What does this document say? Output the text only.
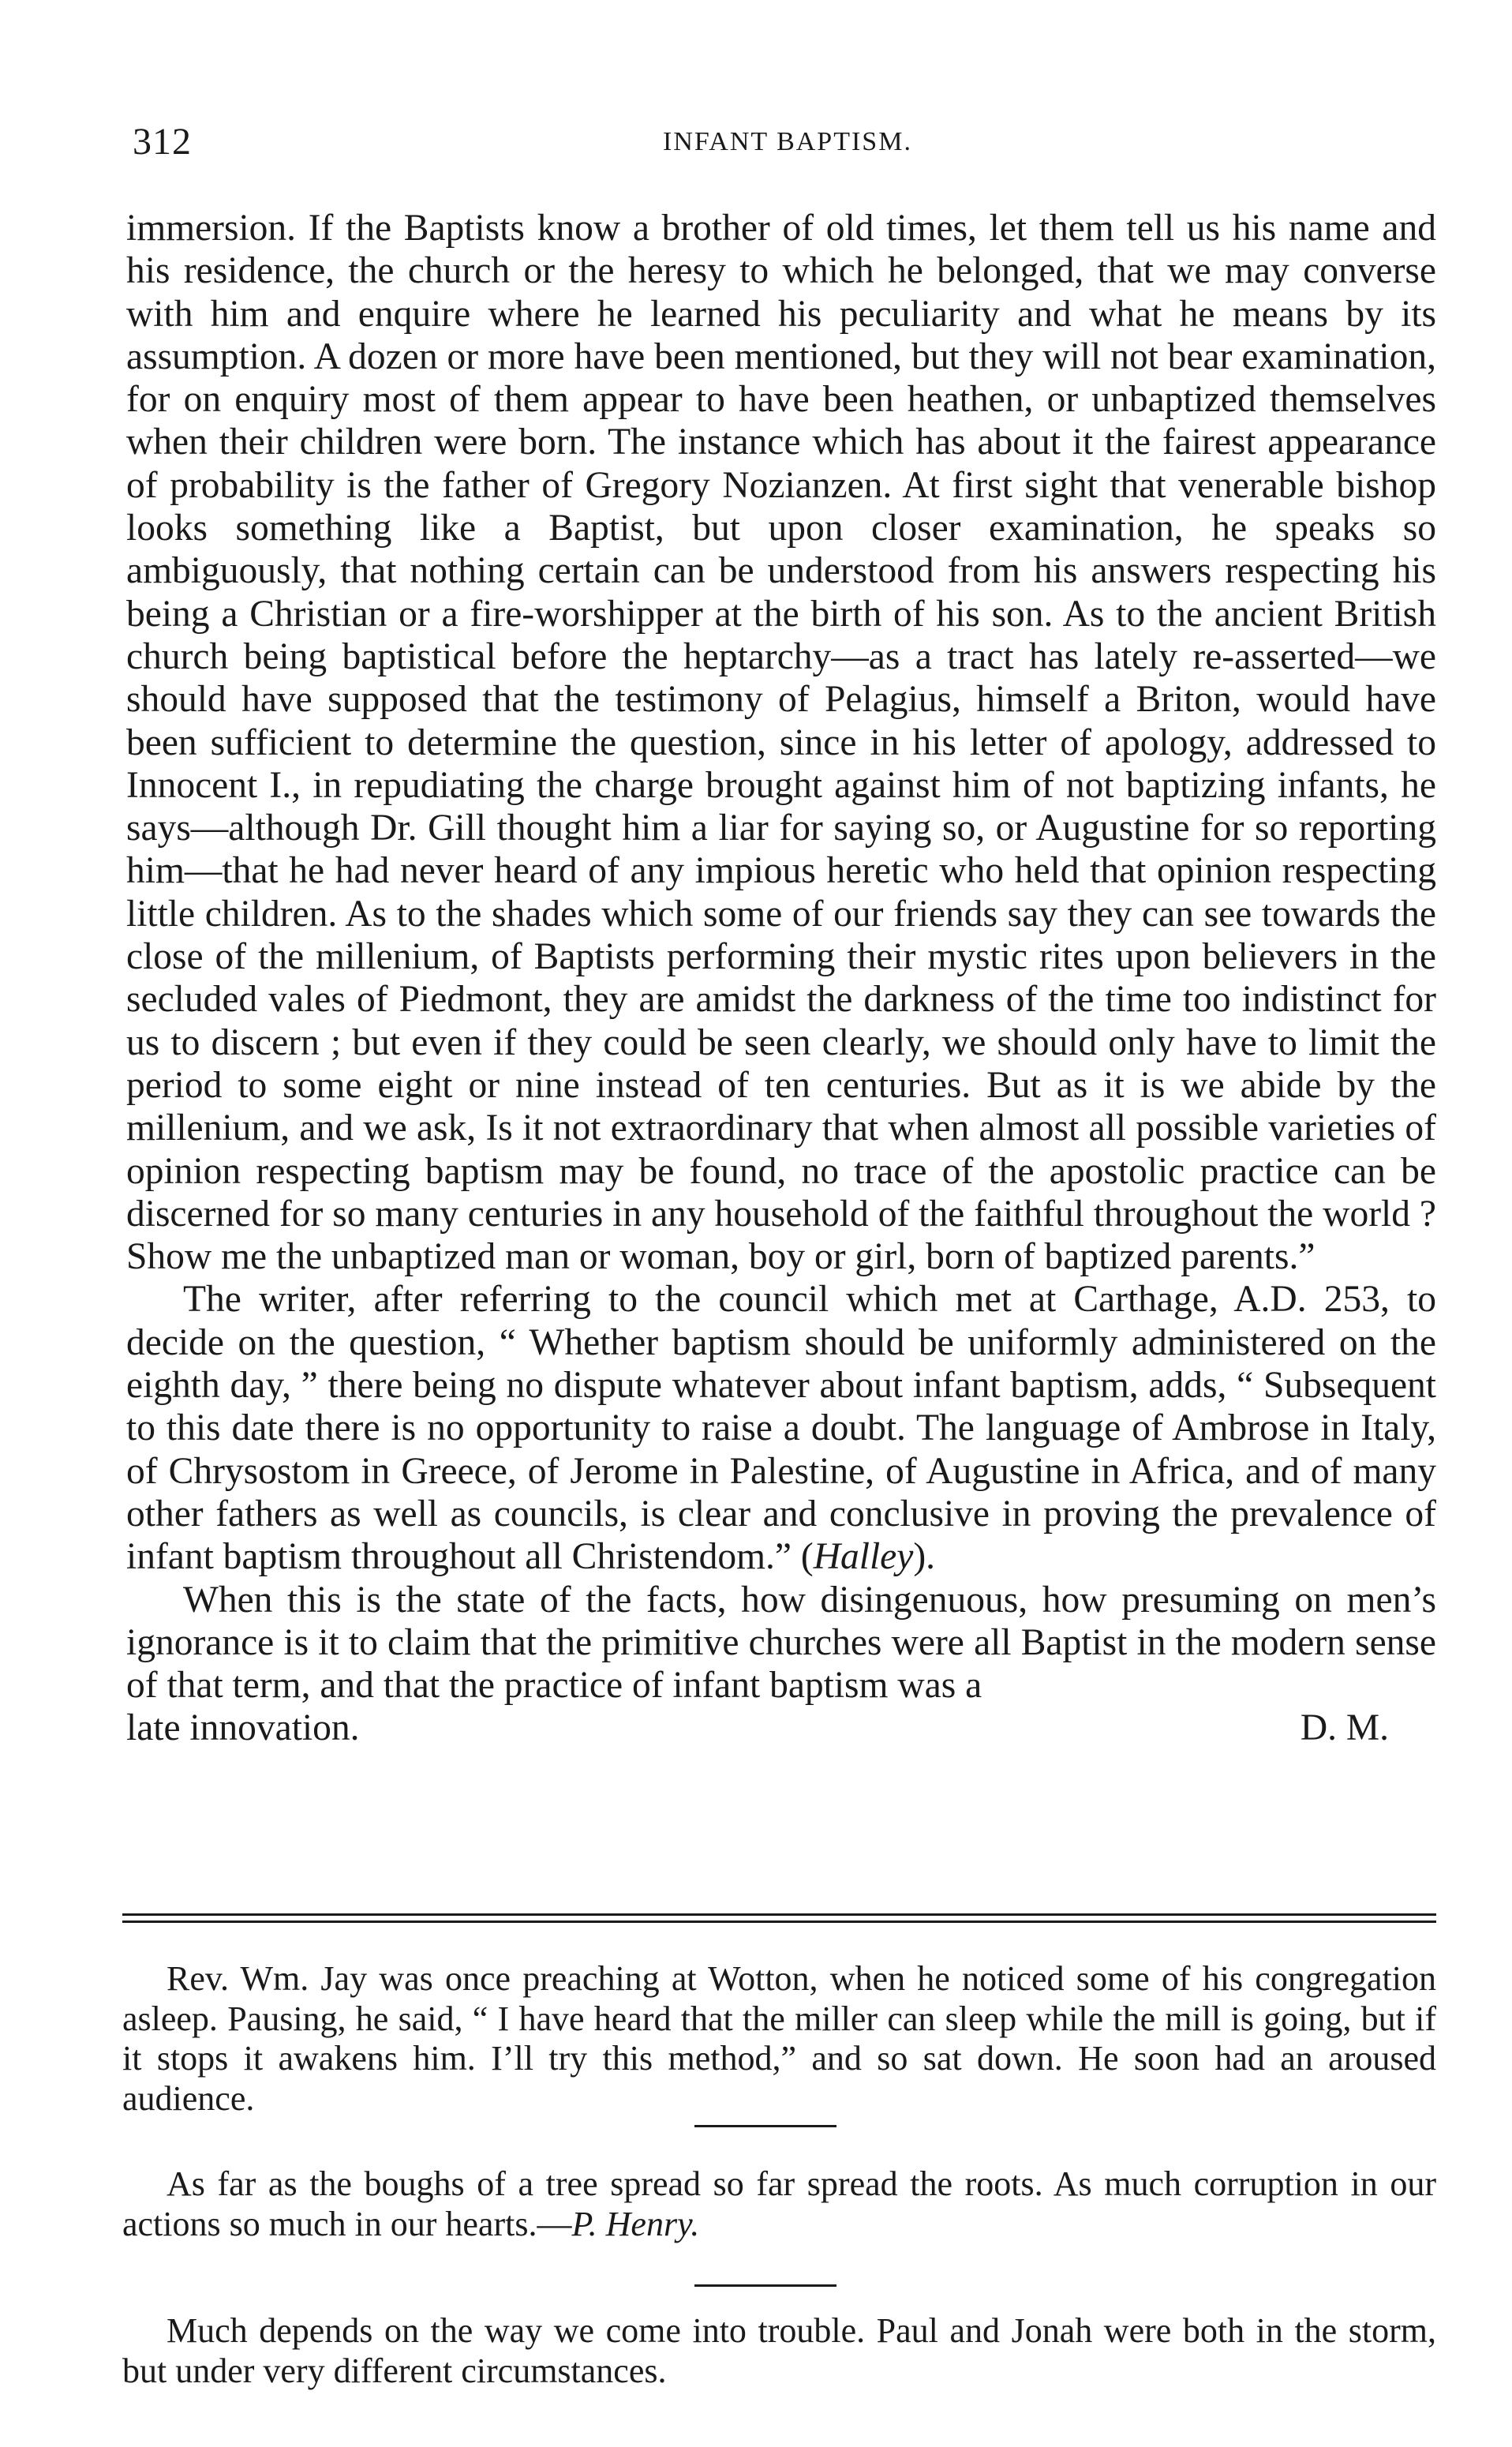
312	INFANT BAPTISM.

immersion. If the Baptists know a brother of old times, let them tell us his name and his residence, the church or the heresy to which he belonged, that we may converse with him and enquire where he learned his peculiarity and what he means by its assumption. A dozen or more have been mentioned, but they will not bear examination, for on enquiry most of them appear to have been heathen, or unbaptized themselves when their children were born. The instance which has about it the fairest appearance of probability is the father of Gregory Nozianzen. At first sight that venerable bishop looks something like a Baptist, but upon closer examination, he speaks so ambiguously, that nothing certain can be understood from his answers respecting his being a Christian or a fire-worshipper at the birth of his son. As to the ancient British church being baptistical before the heptarchy—as a tract has lately re-asserted—we should have supposed that the testimony of Pelagius, himself a Briton, would have been sufficient to determine the question, since in his letter of apology, addressed to Innocent I., in repudiating the charge brought against him of not baptizing infants, he says—although Dr. Gill thought him a liar for saying so, or Augustine for so reporting him—that he had never heard of any impious heretic who held that opinion respecting little children. As to the shades which some of our friends say they can see towards the close of the millenium, of Baptists performing their mystic rites upon believers in the secluded vales of Piedmont, they are amidst the darkness of the time too indistinct for us to discern ; but even if they could be seen clearly, we should only have to limit the period to some eight or nine instead of ten centuries. But as it is we abide by the millenium, and we ask, Is it not extraordinary that when almost all possible varieties of opinion respecting baptism may be found, no trace of the apostolic practice can be discerned for so many centuries in any household of the faithful throughout the world ? Show me the unbaptized man or woman, boy or girl, born of baptized parents.”

The writer, after referring to the council which met at Carthage, A.D. 253, to decide on the question, “ Whether baptism should be uniformly administered on the eighth day, ” there being no dispute whatever about infant baptism, adds, “ Subsequent to this date there is no opportunity to raise a doubt. The language of Ambrose in Italy, of Chrysostom in Greece, of Jerome in Palestine, of Augustine in Africa, and of many other fathers as well as councils, is clear and conclusive in proving the prevalence of infant baptism throughout all Christendom.” (Halley).

When this is the state of the facts, how disingenuous, how presuming on men’s ignorance is it to claim that the primitive churches were all Baptist in the modern sense of that term, and that the practice of infant baptism was a

late innovation.	D. M.

Rev. Wm. Jay was once preaching at Wotton, when he noticed some of his congregation asleep. Pausing, he said, “ I have heard that the miller can sleep while the mill is going, but if it stops it awakens him. I’ll try this method,” and so sat down. He soon had an aroused audience.

As far as the boughs of a tree spread so far spread the roots. As much corruption in our actions so much in our hearts.—P. Henry.

Much depends on the way we come into trouble. Paul and Jonah were both in the storm, but under very different circumstances.
